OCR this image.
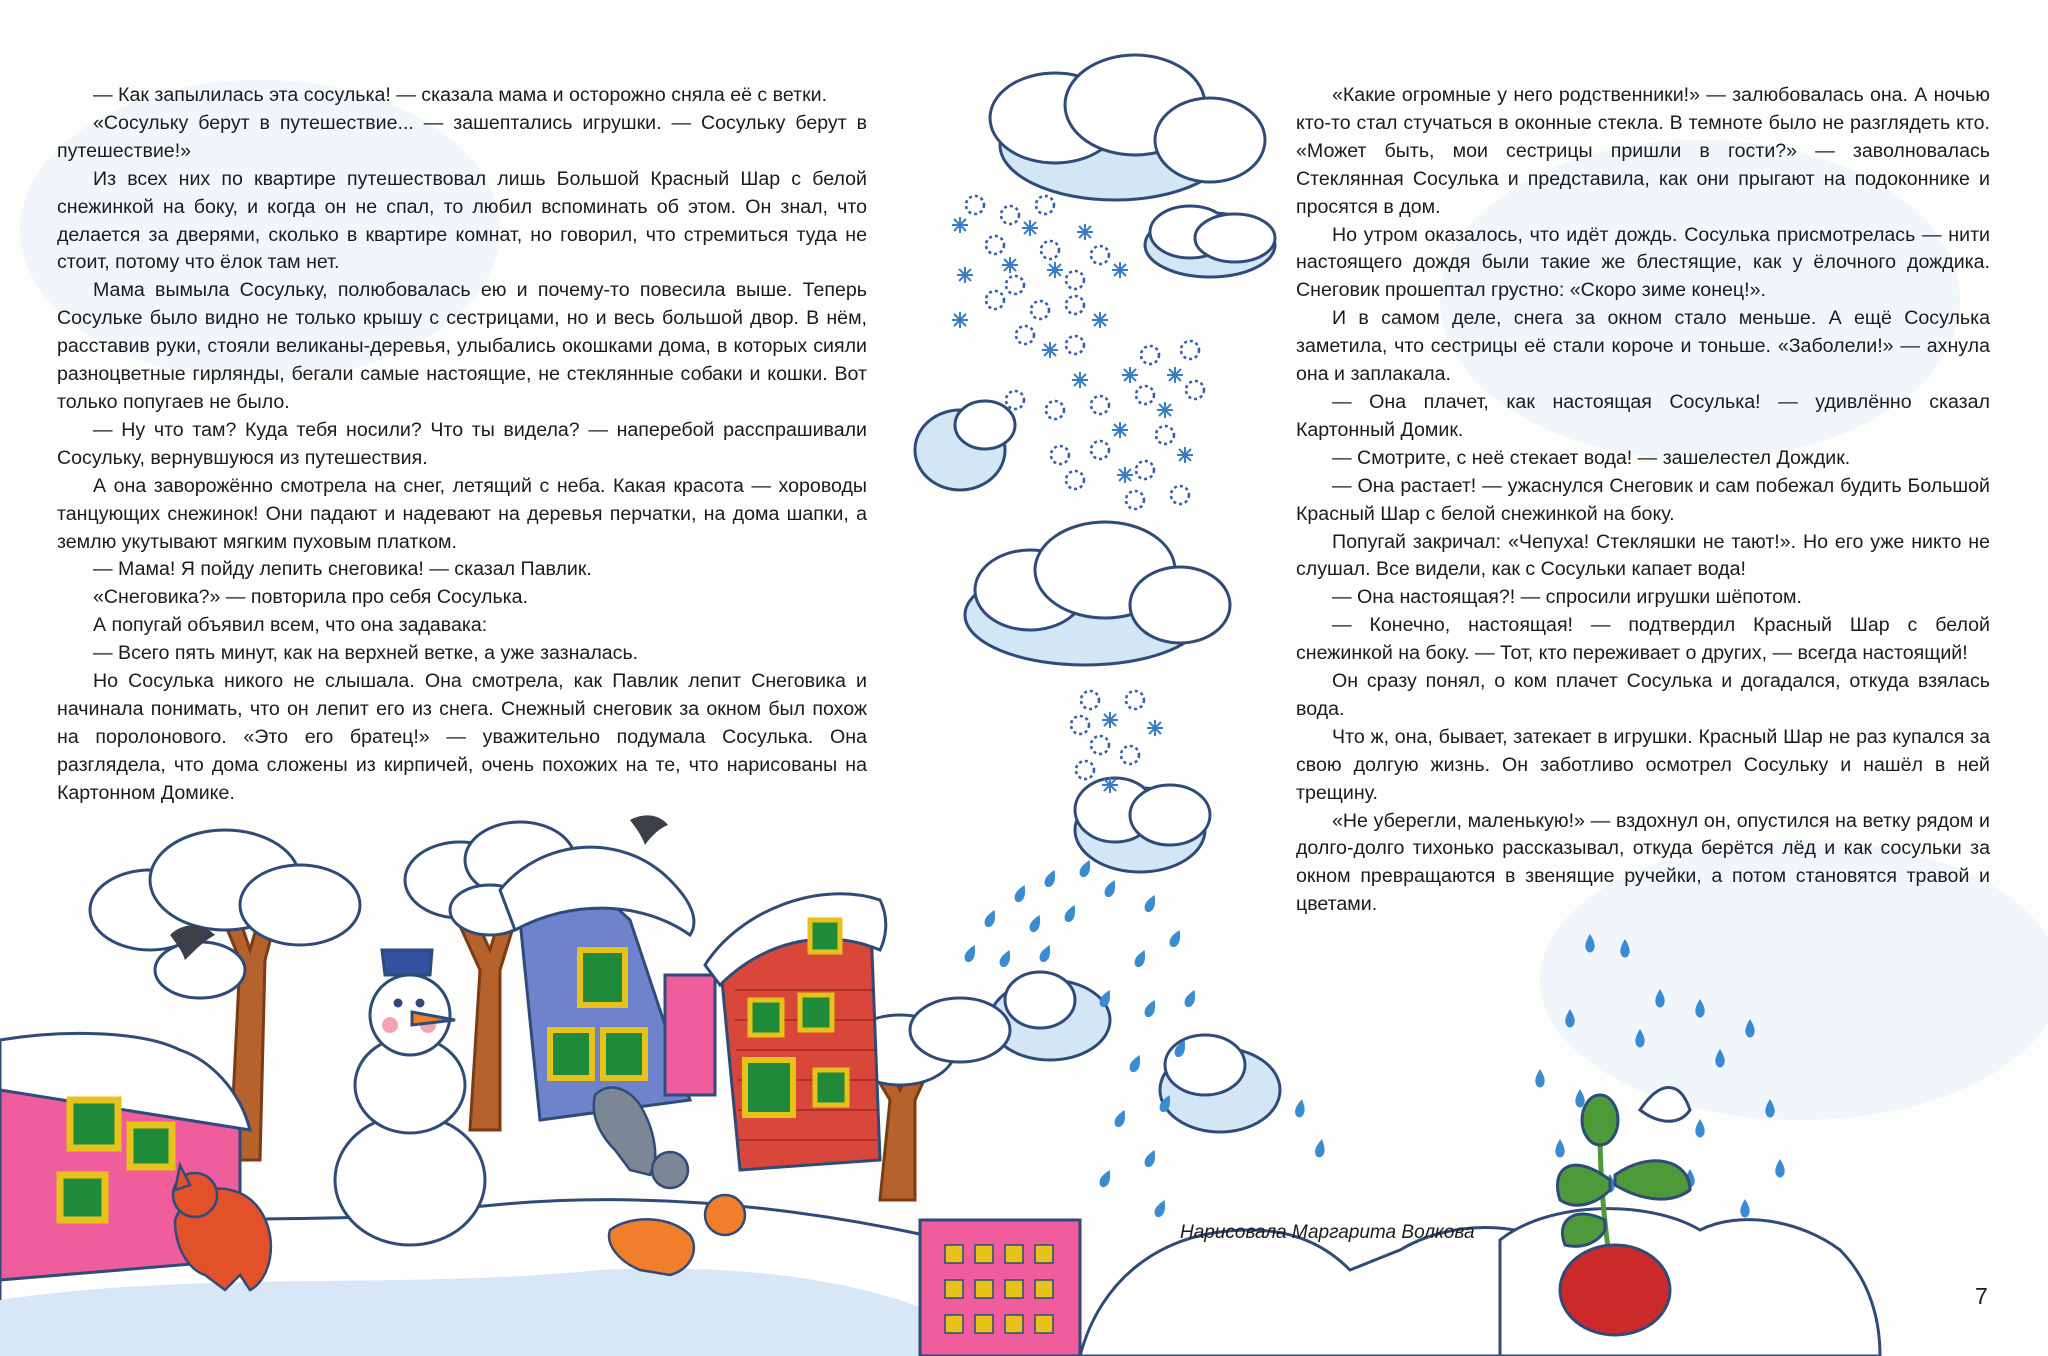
— Как запылилась эта сосулька! — сказала мама и осторожно сняла её с ветки.

«Сосульку берут в путешествие... — зашептались игрушки. — Сосульку берут в путешествие!»

Из всех них по квартире путешествовал лишь Большой Красный Шар с белой снежинкой на боку, и когда он не спал, то любил вспоминать об этом. Он знал, что делается за дверями, сколько в квартире комнат, но говорил, что стремиться туда не стоит, потому что ёлок там нет.

Мама вымыла Сосульку, полюбовалась ею и почему-то повесила выше. Теперь Сосульке было видно не только крышу с сестрицами, но и весь большой двор. В нём, расставив руки, стояли великаны-деревья, улыбались окошками дома, в которых сияли разноцветные гирлянды, бегали самые настоящие, не стеклянные собаки и кошки. Вот только попугаев не было.

— Ну что там? Куда тебя носили? Что ты видела? — наперебой расспрашивали Сосульку, вернувшуюся из путешествия.

А она заворожённо смотрела на снег, летящий с неба. Какая красота — хороводы танцующих снежинок! Они падают и надевают на деревья перчатки, на дома шапки, а землю укутывают мягким пуховым платком.

— Мама! Я пойду лепить снеговика! — сказал Павлик.

«Снеговика?» — повторила про себя Сосулька.

А попугай объявил всем, что она задавака:

— Всего пять минут, как на верхней ветке, а уже зазналась.

Но Сосулька никого не слышала. Она смотрела, как Павлик лепит Снеговика и начинала понимать, что он лепит его из снега. Снежный снеговик за окном был похож на поролонового. «Это его братец!» — уважительно подумала Сосулька. Она разглядела, что дома сложены из кирпичей, очень похожих на те, что нарисованы на Картонном Домике.

«Какие огромные у него родственники!» — залюбовалась она. А ночью кто-то стал стучаться в оконные стекла. В темноте было не разглядеть кто. «Может быть, мои сестрицы пришли в гости?» — заволновалась Стеклянная Сосулька и представила, как они прыгают на подоконнике и просятся в дом.

Но утром оказалось, что идёт дождь. Сосулька присмотрелась — нити настоящего дождя были такие же блестящие, как у ёлочного дождика. Снеговик прошептал грустно: «Скоро зиме конец!».

И в самом деле, снега за окном стало меньше. А ещё Сосулька заметила, что сестрицы её стали короче и тоньше. «Заболели!» — ахнула она и заплакала.

— Она плачет, как настоящая Сосулька! — удивлённо сказал Картонный Домик.

— Смотрите, с неё стекает вода! — зашелестел Дождик.

— Она растает! — ужаснулся Снеговик и сам побежал будить Большой Красный Шар с белой снежинкой на боку.

Попугай закричал: «Чепуха! Стекляшки не тают!». Но его уже никто не слушал. Все видели, как с Сосульки капает вода!

— Она настоящая?! — спросили игрушки шёпотом.

— Конечно, настоящая! — подтвердил Красный Шар с белой снежинкой на боку. — Тот, кто переживает о других, — всегда настоящий!

Он сразу понял, о ком плачет Сосулька и догадался, откуда взялась вода.

Что ж, она, бывает, затекает в игрушки. Красный Шар не раз купался за свою долгую жизнь. Он заботливо осмотрел Сосульку и нашёл в ней трещину.

«Не уберегли, маленькую!» — вздохнул он, опустился на ветку рядом и долго-долго тихонько рассказывал, откуда берётся лёд и как сосульки за окном превращаются в звенящие ручейки, а потом становятся травой и цветами.

Нарисовала Маргарита Волкова
7
